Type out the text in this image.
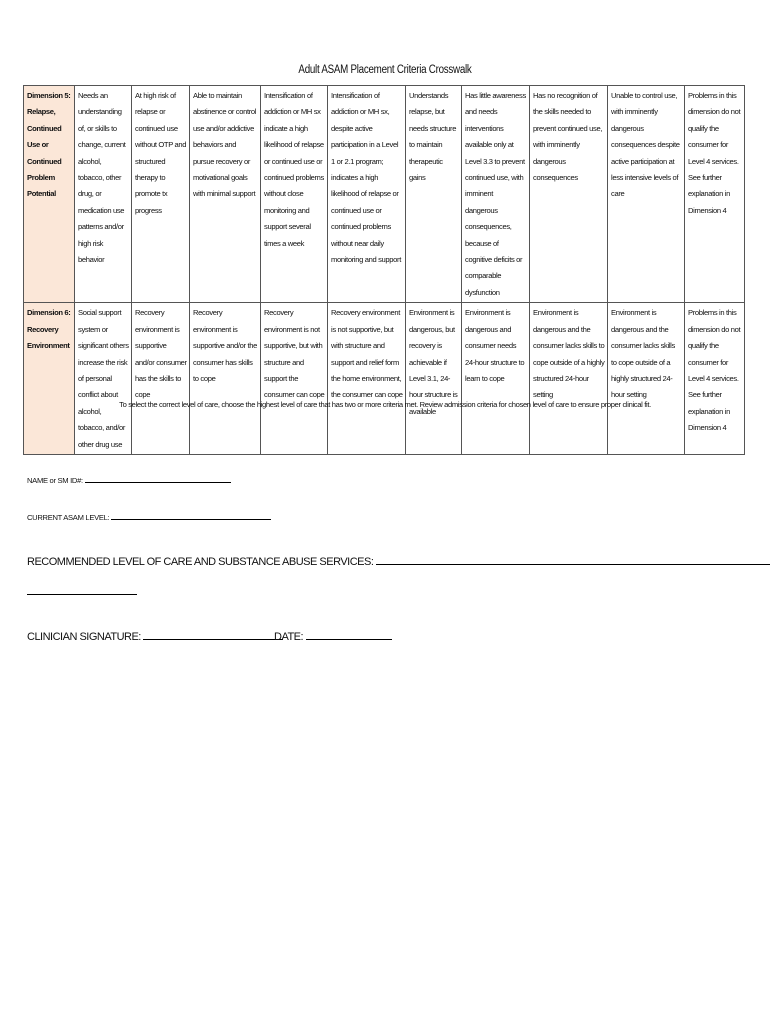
Adult ASAM Placement Criteria Crosswalk
Dimension 5: Relapse, Continued Use or Continued Problem Potential	Needs an understanding of, or skills to change, current alcohol, tobacco, other drug, or medication use patterns and/or high risk behavior	At high risk of relapse or continued use without OTP and structured therapy to promote tx progress	Able to maintain abstinence or control use and/or addictive behaviors and pursue recovery or motivational goals with minimal support	Intensification of addiction or MH sx indicate a high likelihood of relapse or continued use or continued problems without close monitoring and support several times a week	Intensification of addiction or MH sx, despite active participation in a Level 1 or 2.1 program; indicates a high likelihood of relapse or continued use or continued problems without near daily monitoring and support	Understands relapse, but needs structure to maintain therapeutic gains	Has little awareness and needs interventions available only at Level 3.3 to prevent continued use, with imminent dangerous consequences, because of cognitive deficits or comparable dysfunction	Has no recognition of the skills needed to prevent continued use, with imminently dangerous consequences	Unable to control use, with imminently dangerous consequences despite active participation at less intensive levels of care	Problems in this dimension do not qualify the consumer for Level 4 services. See further explanation in Dimension 4
Dimension 6: Recovery Environment	Social support system or significant others increase the risk of personal conflict about alcohol, tobacco, and/or other drug use	Recovery environment is supportive and/or consumer has the skills to cope	Recovery environment is supportive and/or the consumer has skills to cope	Recovery environment is not supportive, but with structure and support the consumer can cope	Recovery environment is not supportive, but with structure and support and relief form the home environment, the consumer can cope	Environment is dangerous, but recovery is achievable if Level 3.1, 24-hour structure is available	Environment is dangerous and consumer needs 24-hour structure to learn to cope	Environment is dangerous and the consumer lacks skills to cope outside of a highly structured 24-hour setting	Environment is dangerous and the consumer lacks skills to cope outside of a highly structured 24-hour setting	Problems in this dimension do not qualify the consumer for Level 4 services. See further explanation in Dimension 4
To select the correct level of care, choose the highest level of care that has two or more criteria met. Review admission criteria for chosen level of care to ensure proper clinical fit.
NAME or SM ID#:
CURRENT ASAM LEVEL:
RECOMMENDED LEVEL OF CARE AND SUBSTANCE ABUSE SERVICES:
CLINICIAN SIGNATURE:	DATE:
